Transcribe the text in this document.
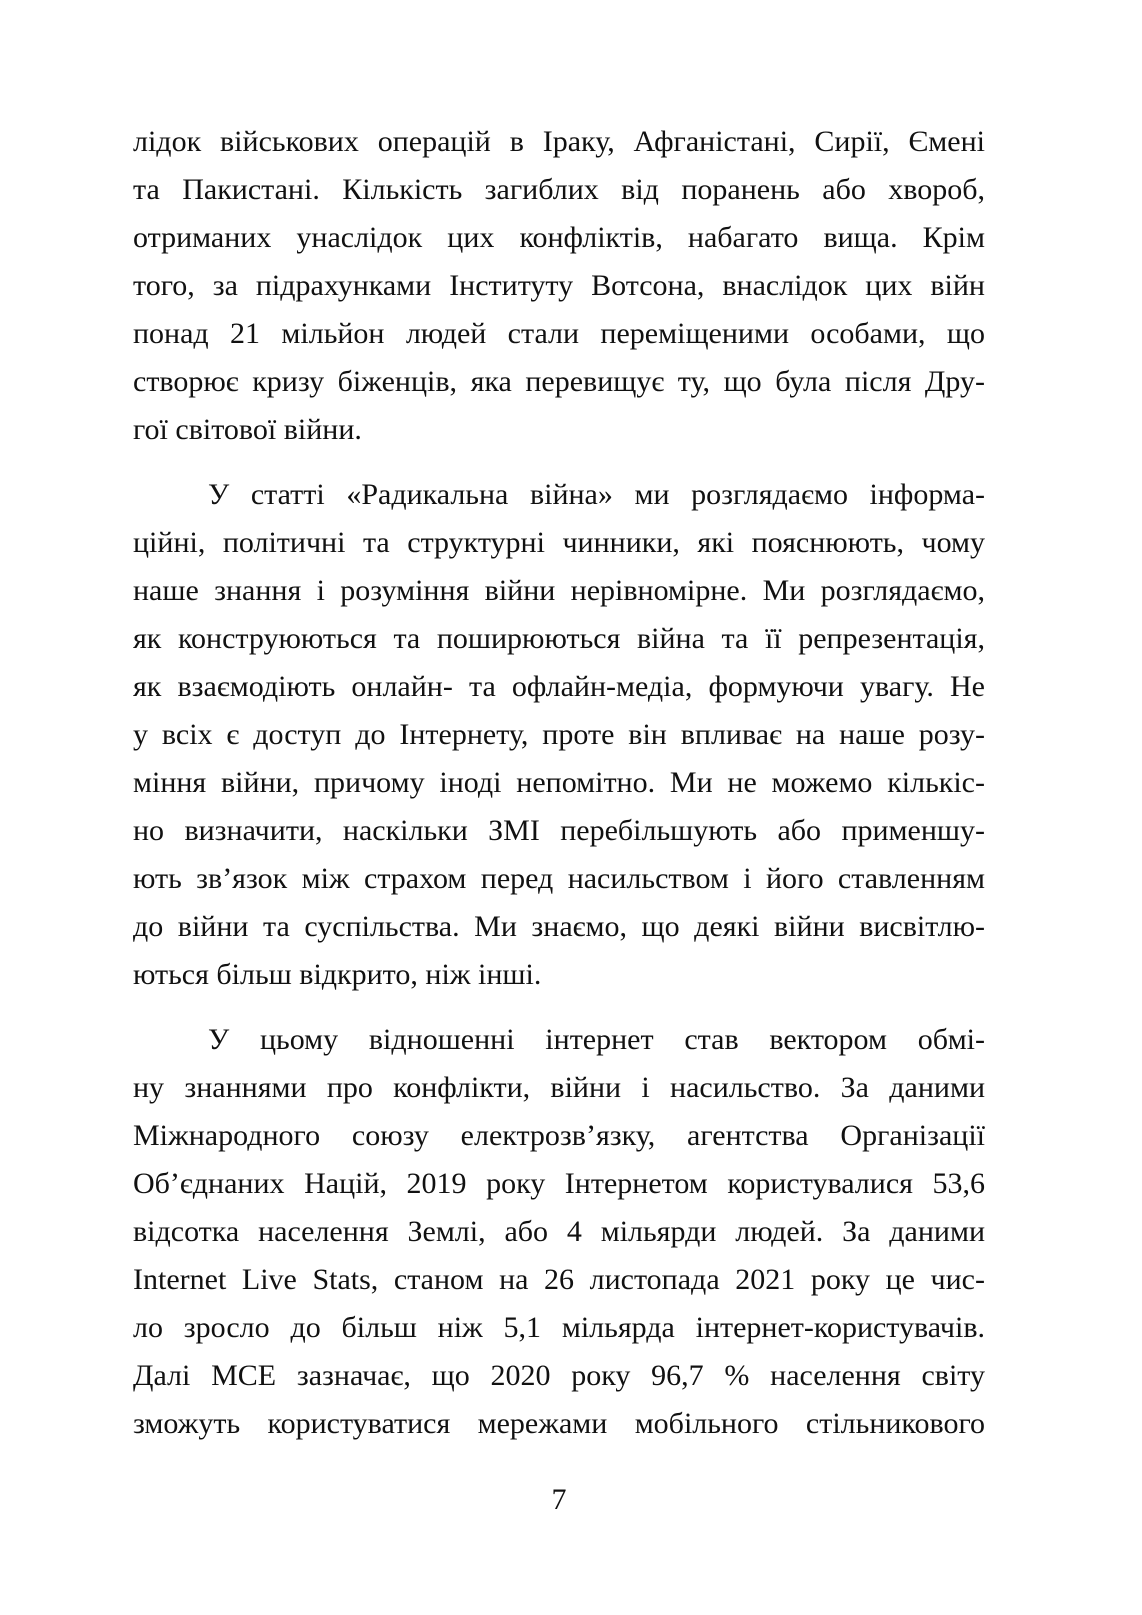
лідок військових операцій в Іраку, Афганістані, Сирії, Ємені
та Пакистані. Кількість загиблих від поранень або хвороб,
отриманих унаслідок цих конфліктів, набагато вища. Крім
того, за підрахунками Інституту Вотсона, внаслідок цих війн
понад 21 мільйон людей стали переміщеними особами, що
створює кризу біженців, яка перевищує ту, що була після Дру-
гої світової війни.
У статті «Радикальна війна» ми розглядаємо інформа-
ційні, політичні та структурні чинники, які пояснюють, чому
наше знання і розуміння війни нерівномірне. Ми розглядаємо,
як конструюються та поширюються війна та її репрезентація,
як взаємодіють онлайн- та офлайн-медіа, формуючи увагу. Не
у всіх є доступ до Інтернету, проте він впливає на наше розу-
міння війни, причому іноді непомітно. Ми не можемо кількіс-
но визначити, наскільки ЗМІ перебільшують або применшу-
ють зв’язок між страхом перед насильством і його ставленням
до війни та суспільства. Ми знаємо, що деякі війни висвітлю-
ються більш відкрито, ніж інші.
У цьому відношенні інтернет став вектором обмі-
ну знаннями про конфлікти, війни і насильство. За даними
Міжнародного союзу електрозв’язку, агентства Організації
Об’єднаних Націй, 2019 року Інтернетом користувалися 53,6
відсотка населення Землі, або 4 мільярди людей. За даними
Internet Live Stats, станом на 26 листопада 2021 року це чис-
ло зросло до більш ніж 5,1 мільярда інтернет-користувачів.
Далі МСЕ зазначає, що 2020 року 96,7 % населення світу
зможуть користуватися мережами мобільного стільникового
7
